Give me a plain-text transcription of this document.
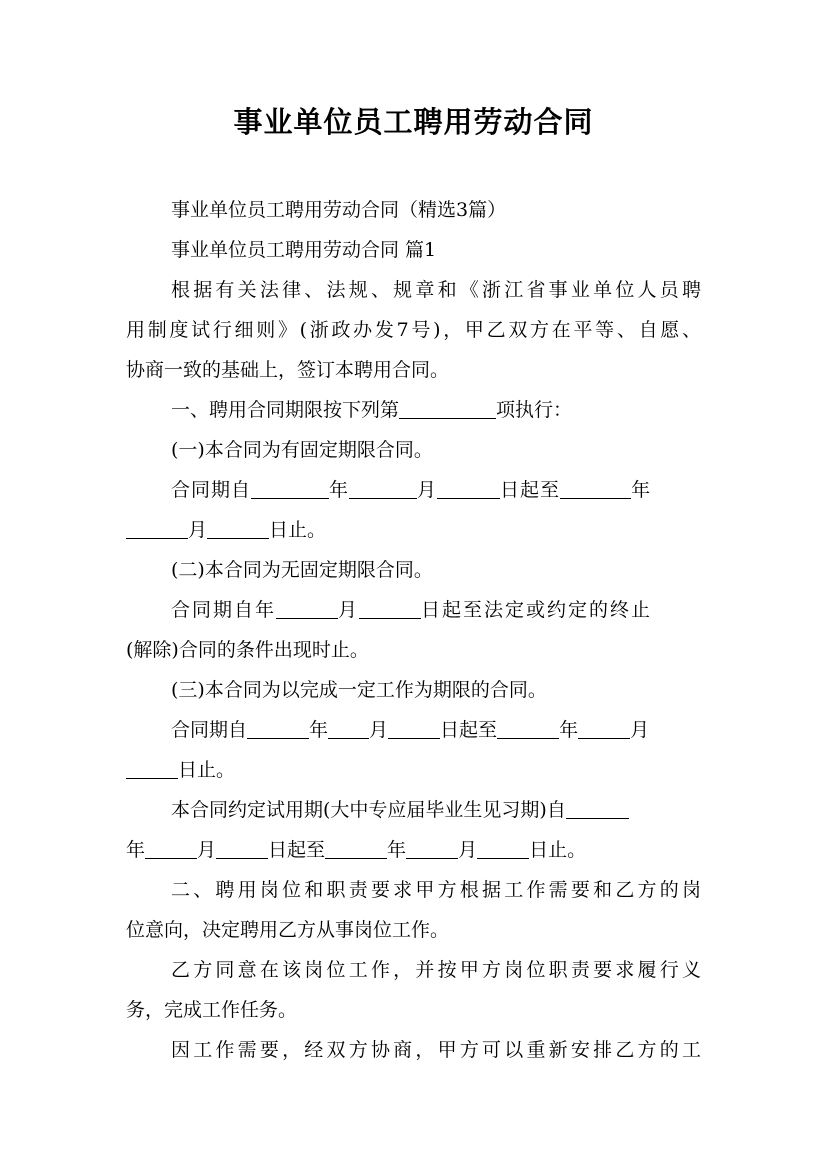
事业单位员工聘用劳动合同
事业单位员工聘用劳动合同（精选3篇）
事业单位员工聘用劳动合同 篇1
根据有关法律、法规、规章和《浙江省事业单位人员聘
用制度试行细则》(浙政办发7号)，甲乙双方在平等、自愿、
协商一致的基础上，签订本聘用合同。
一、聘用合同期限按下列第	项执行：
(一)本合同为有固定期限合同。
合同期自	年	月	日起至	年
月	日止。
(二)本合同为无固定期限合同。
合同期自年	月	日起至法定或约定的终止
(解除)合同的条件出现时止。
(三)本合同为以完成一定工作为期限的合同。
合同期自	年 月	日起至	年	月
日止。
本合同约定试用期(大中专应届毕业生见习期)自
年	月	日起至	年	月	日止。
二、聘用岗位和职责要求甲方根据工作需要和乙方的岗
位意向，决定聘用乙方从事岗位工作。
乙方同意在该岗位工作，并按甲方岗位职责要求履行义
务，完成工作任务。
因工作需要，经双方协商，甲方可以重新安排乙方的工
